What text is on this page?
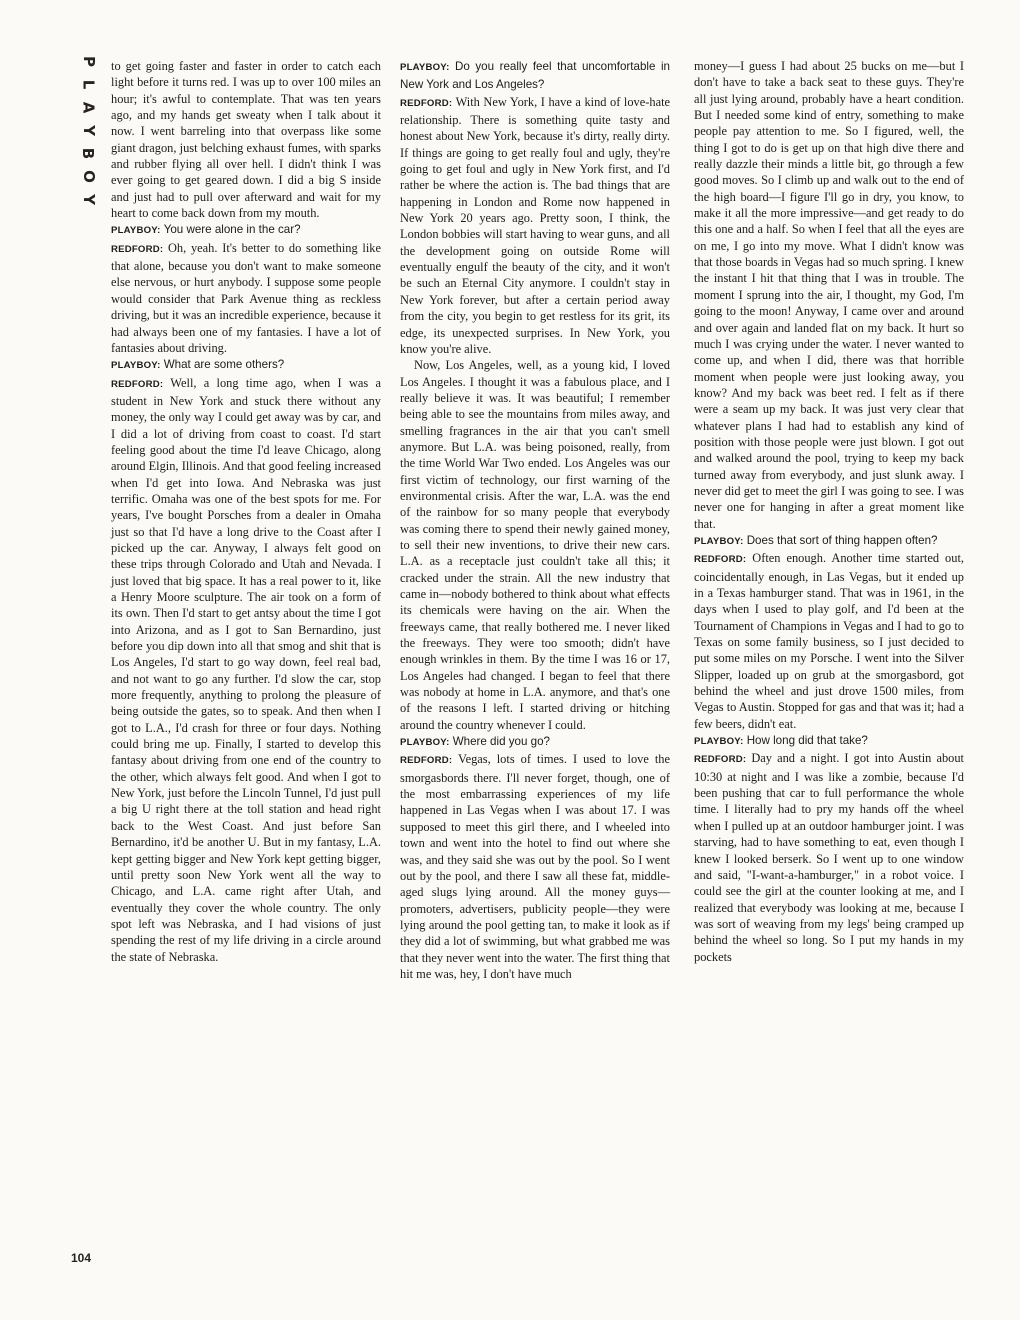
P
L
A
Y
B
O
Y

to get going faster and faster in order to catch each light before it turns red. I was up to over 100 miles an hour; it's awful to contemplate. That was ten years ago, and my hands get sweaty when I talk about it now. I went barreling into that overpass like some giant dragon, just belching exhaust fumes, with sparks and rubber flying all over hell. I didn't think I was ever going to get geared down. I did a big S inside and just had to pull over afterward and wait for my heart to come back down from my mouth.

PLAYBOY: You were alone in the car?

REDFORD: Oh, yeah. It's better to do something like that alone, because you don't want to make someone else nervous, or hurt anybody. I suppose some people would consider that Park Avenue thing as reckless driving, but it was an incredible experience, because it had always been one of my fantasies. I have a lot of fantasies about driving.

PLAYBOY: What are some others?

REDFORD: Well, a long time ago, when I was a student in New York and stuck there without any money, the only way I could get away was by car, and I did a lot of driving from coast to coast. I'd start feeling good about the time I'd leave Chicago, along around Elgin, Illinois. And that good feeling increased when I'd get into Iowa. And Nebraska was just terrific. Omaha was one of the best spots for me. For years, I've bought Porsches from a dealer in Omaha just so that I'd have a long drive to the Coast after I picked up the car. Anyway, I always felt good on these trips through Colorado and Utah and Nevada. I just loved that big space. It has a real power to it, like a Henry Moore sculpture. The air took on a form of its own. Then I'd start to get antsy about the time I got into Arizona, and as I got to San Bernardino, just before you dip down into all that smog and shit that is Los Angeles, I'd start to go way down, feel real bad, and not want to go any further. I'd slow the car, stop more frequently, anything to prolong the pleasure of being outside the gates, so to speak. And then when I got to L.A., I'd crash for three or four days. Nothing could bring me up. Finally, I started to develop this fantasy about driving from one end of the country to the other, which always felt good. And when I got to New York, just before the Lincoln Tunnel, I'd just pull a big U right there at the toll station and head right back to the West Coast. And just before San Bernardino, it'd be another U. But in my fantasy, L.A. kept getting bigger and New York kept getting bigger, until pretty soon New York went all the way to Chicago, and L.A. came right after Utah, and eventually they cover the whole country. The only spot left was Nebraska, and I had visions of just spending the rest of my life driving in a circle around the state of Nebraska.

PLAYBOY: Do you really feel that uncomfortable in New York and Los Angeles?

REDFORD: With New York, I have a kind of love-hate relationship. There is something quite tasty and honest about New York, because it's dirty, really dirty. If things are going to get really foul and ugly, they're going to get foul and ugly in New York first, and I'd rather be where the action is. The bad things that are happening in London and Rome now happened in New York 20 years ago. Pretty soon, I think, the London bobbies will start having to wear guns, and all the development going on outside Rome will eventually engulf the beauty of the city, and it won't be such an Eternal City anymore. I couldn't stay in New York forever, but after a certain period away from the city, you begin to get restless for its grit, its edge, its unexpected surprises. In New York, you know you're alive.

Now, Los Angeles, well, as a young kid, I loved Los Angeles. I thought it was a fabulous place, and I really believe it was. It was beautiful; I remember being able to see the mountains from miles away, and smelling fragrances in the air that you can't smell anymore. But L.A. was being poisoned, really, from the time World War Two ended. Los Angeles was our first victim of technology, our first warning of the environmental crisis. After the war, L.A. was the end of the rainbow for so many people that everybody was coming there to spend their newly gained money, to sell their new inventions, to drive their new cars. L.A. as a receptacle just couldn't take all this; it cracked under the strain. All the new industry that came in—nobody bothered to think about what effects its chemicals were having on the air. When the freeways came, that really bothered me. I never liked the freeways. They were too smooth; didn't have enough wrinkles in them. By the time I was 16 or 17, Los Angeles had changed. I began to feel that there was nobody at home in L.A. anymore, and that's one of the reasons I left. I started driving or hitching around the country whenever I could.

PLAYBOY: Where did you go?

REDFORD: Vegas, lots of times. I used to love the smorgasbords there. I'll never forget, though, one of the most embarrassing experiences of my life happened in Las Vegas when I was about 17. I was supposed to meet this girl there, and I wheeled into town and went into the hotel to find out where she was, and they said she was out by the pool. So I went out by the pool, and there I saw all these fat, middle-aged slugs lying around. All the money guys—promoters, advertisers, publicity people—they were lying around the pool getting tan, to make it look as if they did a lot of swimming, but what grabbed me was that they never went into the water. The first thing that hit me was, hey, I don't have much

money—I guess I had about 25 bucks on me—but I don't have to take a back seat to these guys. They're all just lying around, probably have a heart condition. But I needed some kind of entry, something to make people pay attention to me. So I figured, well, the thing I got to do is get up on that high dive there and really dazzle their minds a little bit, go through a few good moves. So I climb up and walk out to the end of the high board—I figure I'll go in dry, you know, to make it all the more impressive—and get ready to do this one and a half. So when I feel that all the eyes are on me, I go into my move. What I didn't know was that those boards in Vegas had so much spring. I knew the instant I hit that thing that I was in trouble. The moment I sprung into the air, I thought, my God, I'm going to the moon! Anyway, I came over and around and over again and landed flat on my back. It hurt so much I was crying under the water. I never wanted to come up, and when I did, there was that horrible moment when people were just looking away, you know? And my back was beet red. I felt as if there were a seam up my back. It was just very clear that whatever plans I had had to establish any kind of position with those people were just blown. I got out and walked around the pool, trying to keep my back turned away from everybody, and just slunk away. I never did get to meet the girl I was going to see. I was never one for hanging in after a great moment like that.

PLAYBOY: Does that sort of thing happen often?

REDFORD: Often enough. Another time started out, coincidentally enough, in Las Vegas, but it ended up in a Texas hamburger stand. That was in 1961, in the days when I used to play golf, and I'd been at the Tournament of Champions in Vegas and I had to go to Texas on some family business, so I just decided to put some miles on my Porsche. I went into the Silver Slipper, loaded up on grub at the smorgasbord, got behind the wheel and just drove 1500 miles, from Vegas to Austin. Stopped for gas and that was it; had a few beers, didn't eat.

PLAYBOY: How long did that take?

REDFORD: Day and a night. I got into Austin about 10:30 at night and I was like a zombie, because I'd been pushing that car to full performance the whole time. I literally had to pry my hands off the wheel when I pulled up at an outdoor hamburger joint. I was starving, had to have something to eat, even though I knew I looked berserk. So I went up to one window and said, "I-want-a-hamburger," in a robot voice. I could see the girl at the counter looking at me, and I realized that everybody was looking at me, because I was sort of weaving from my legs' being cramped up behind the wheel so long. So I put my hands in my pockets

104
